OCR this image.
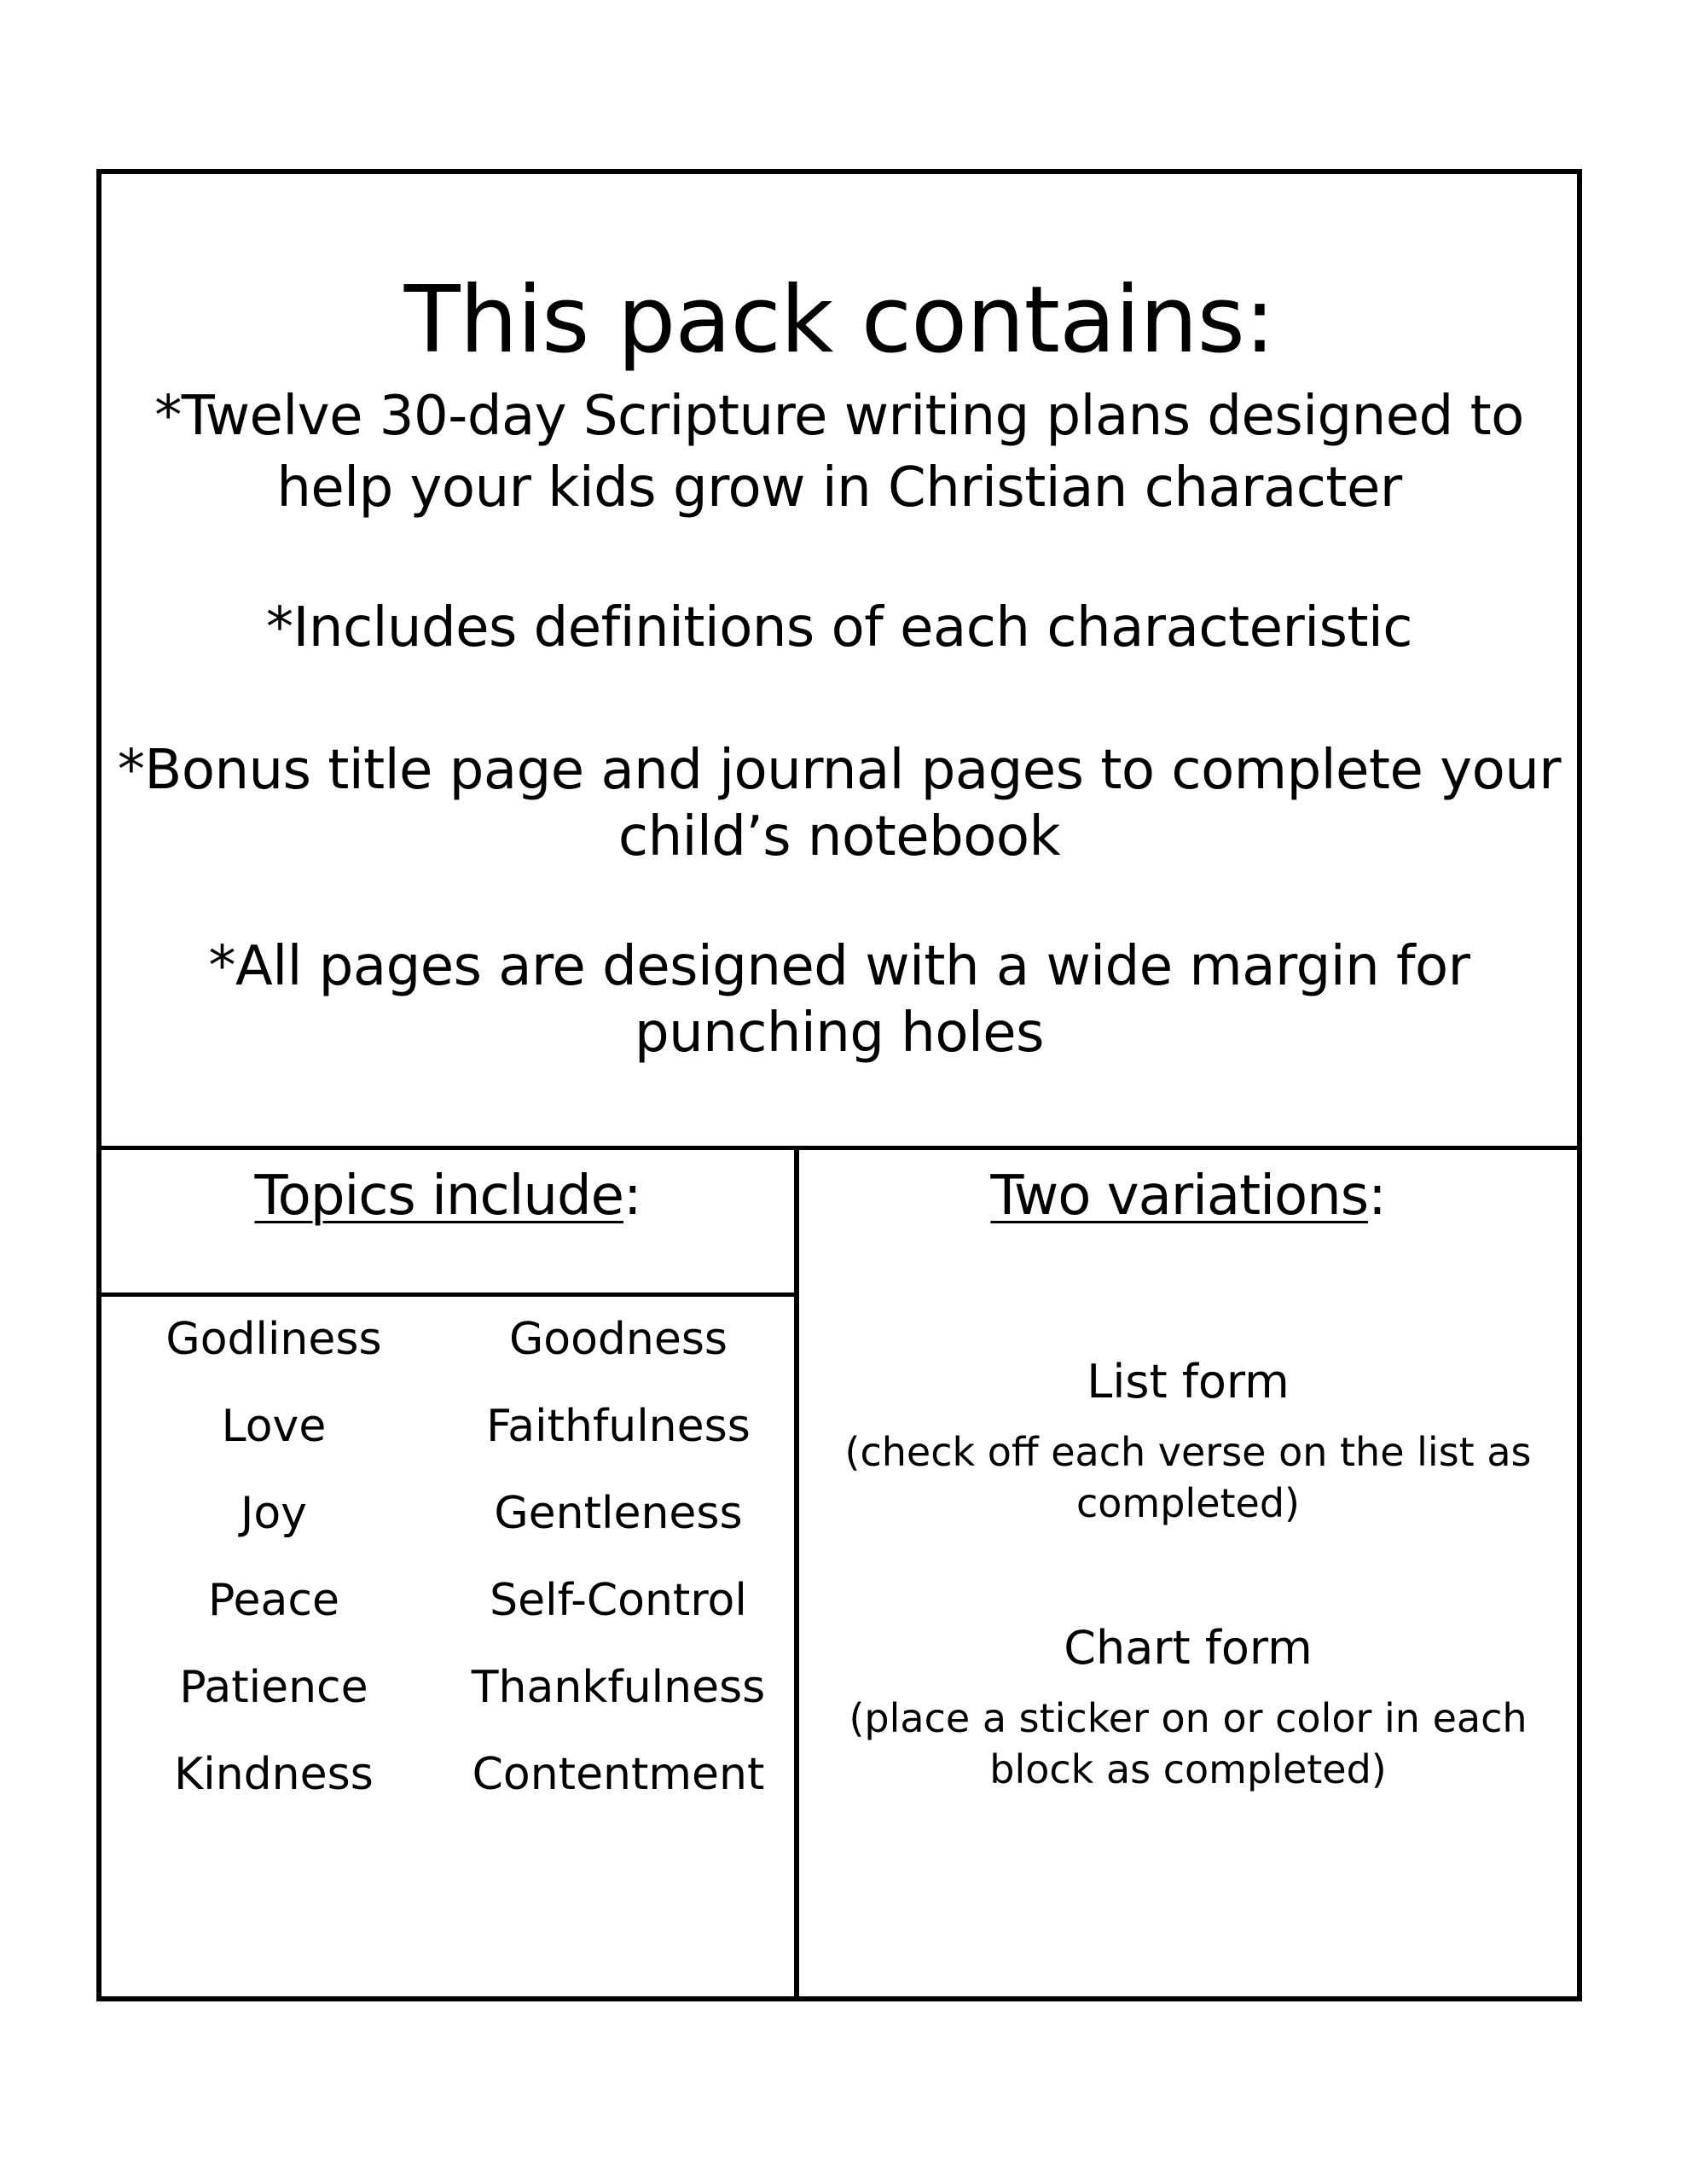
This pack contains:

*Twelve 30-day Scripture writing plans designed to help your kids grow in Christian character

*Includes definitions of each characteristic

*Bonus title page and journal pages to complete your child’s notebook

*All pages are designed with a wide margin for punching holes

Topics include:
Godliness	Goodness
Love	Faithfulness
Joy	Gentleness
Peace	Self-Control
Patience	Thankfulness
Kindness	Contentment
Two variations:

List form

(check off each verse on the list as completed)

Chart form

(place a sticker on or color in each block as completed)
